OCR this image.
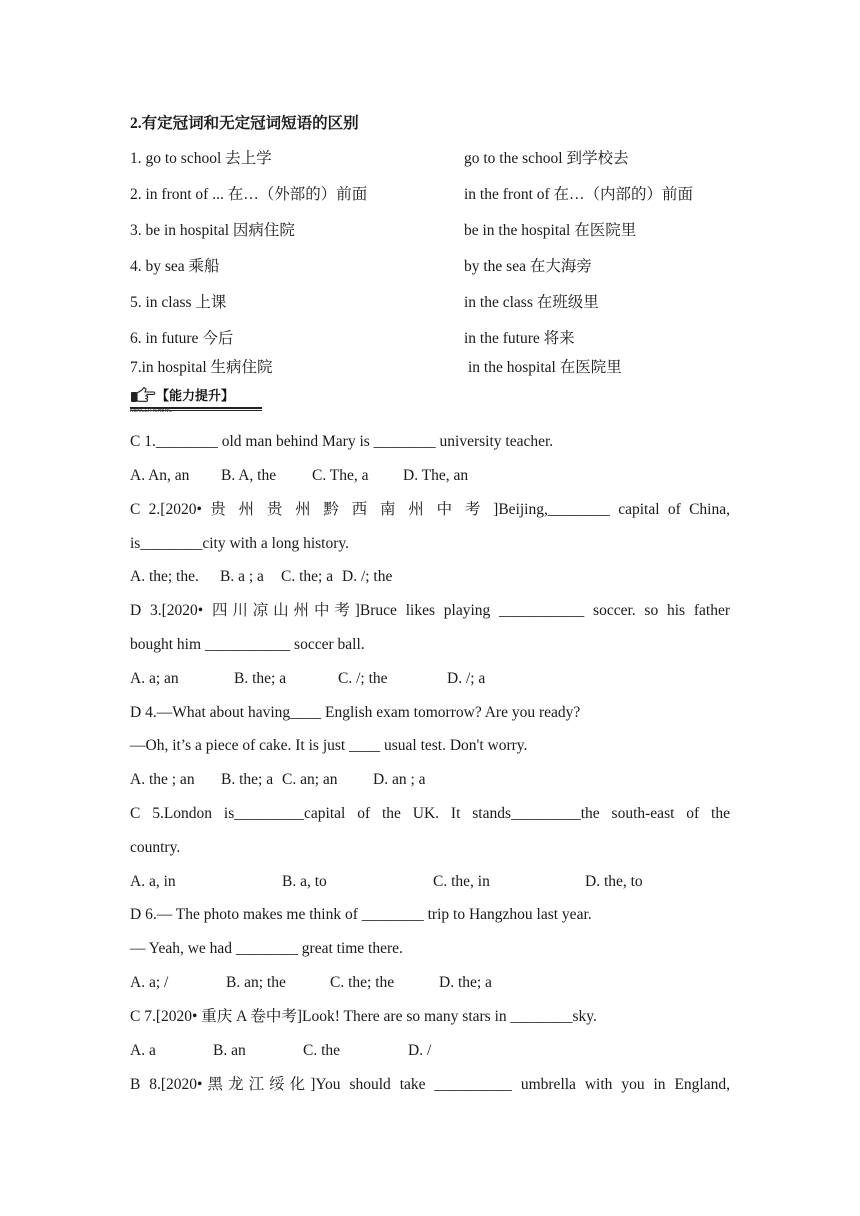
2.有定冠词和无定冠词短语的区别
1. go to school 去上学	go to the school 到学校去
2. in front of ... 在…（外部的）前面	in the front of 在…（内部的）前面
3. be in hospital 因病住院	be in the hospital 在医院里
4. by sea 乘船	by the sea 在大海旁
5. in class 上课	in the class 在班级里
6. in future 今后	in the future 将来
7.in hospital 生病住院	in the hospital 在医院里
【能力提升】
NENGLITISHENG
C 1.________ old man behind Mary is ________ university teacher.
A. An, an B. A, the C. The, a D. The, an
C 2.[2020• 贵 州 贵 州 黔 西 南 州 中 考 ]Beijing,________ capital of China,
is________city with a long history.
A. the; the. B. a ; a C. the; a D. /; the
D 3.[2020• 四川凉山州中考]Bruce likes playing ___________ soccer. so his father
bought him ___________ soccer ball.
A. a; an	B. the; a	C. /; the	D. /; a
D 4.—What about having____ English exam tomorrow? Are you ready?
—Oh, it’s a piece of cake. It is just ____ usual test. Don't worry.
A. the ; an B. the; a C. an; an D. an ; a
C 5.London is_________capital of the UK. It stands_________the south-east of the
country.
A. a, in	B. a, to	C. the, in	D. the, to
D 6.— The photo makes me think of ________ trip to Hangzhou last year.
— Yeah, we had ________ great time there.
A. a; /	B. an; the	C. the; the	D. the; a
C 7.[2020• 重庆 A 卷中考]Look! There are so many stars in ________sky.
A. a	B. an	C. the	D. /
B 8.[2020•黑龙江绥化]You should take __________ umbrella with you in England,
